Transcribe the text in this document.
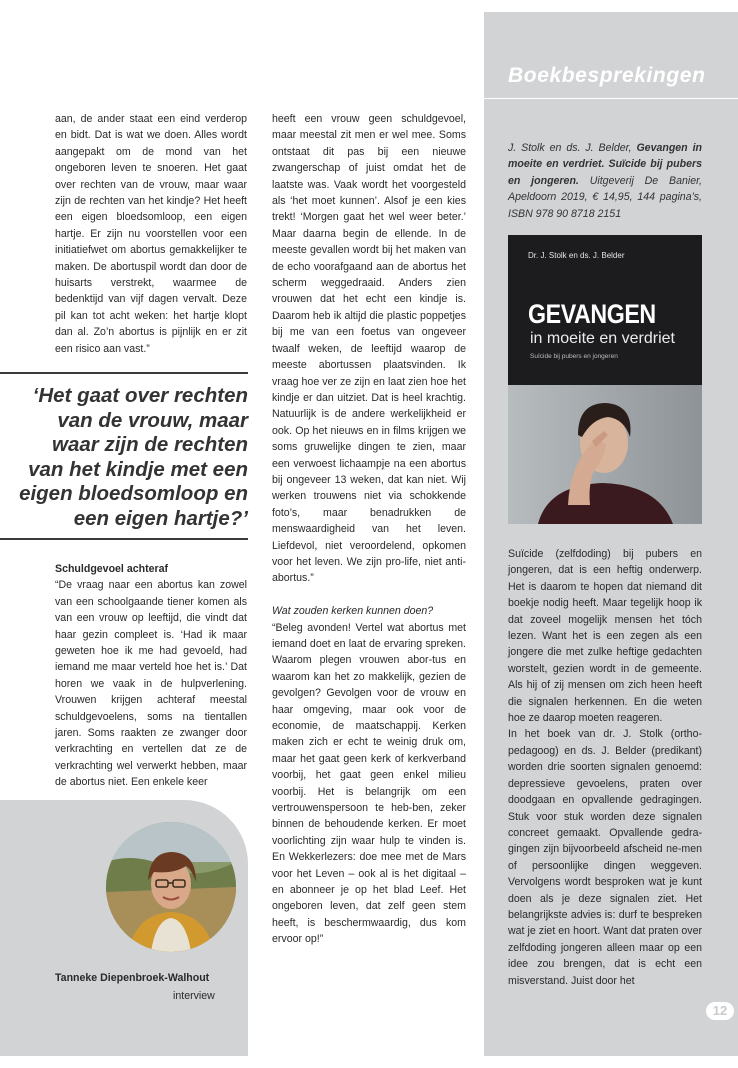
aan, de ander staat een eind verderop en bidt. Dat is wat we doen. Alles wordt aangepakt om de mond van het ongeboren leven te snoeren. Het gaat over rechten van de vrouw, maar waar zijn de rechten van het kindje? Het heeft een eigen bloedsomloop, een eigen hartje. Er zijn nu voorstellen voor een initiatiefwet om abortus gemakkelijker te maken. De abortuspil wordt dan door de huisarts verstrekt, waarmee de bedenktijd van vijf dagen vervalt. Deze pil kan tot acht weken: het hartje klopt dan al. Zo’n abortus is pijnlijk en er zit een risico aan vast.”

‘Het gaat over rechten van de vrouw, maar waar zijn de rechten van het kindje met een eigen bloedsomloop en een eigen hartje?’

Schuldgevoel achteraf

“De vraag naar een abortus kan zowel van een schoolgaande tiener komen als van een vrouw op leeftijd, die vindt dat haar gezin compleet is. ‘Had ik maar geweten hoe ik me had gevoeld, had iemand me maar verteld hoe het is.’ Dat horen we vaak in de hulpverlening. Vrouwen krijgen achteraf meestal schuldgevoelens, soms na tientallen jaren. Soms raakten ze zwanger door verkrachting en vertellen dat ze de verkrachting wel verwerkt hebben, maar de abortus niet. Een enkele keer

Tanneke Diepenbroek-Walhout
interview

heeft een vrouw geen schuldgevoel, maar meestal zit men er wel mee. Soms ontstaat dit pas bij een nieuwe zwangerschap of juist omdat het de laatste was. Vaak wordt het voorgesteld als ‘het moet kunnen’. Alsof je een kies trekt! ‘Morgen gaat het wel weer beter.’ Maar daarna begin de ellende. In de meeste gevallen wordt bij het maken van de echo voorafgaand aan de abortus het scherm weggedraaid. Anders zien vrouwen dat het echt een kindje is. Daarom heb ik altijd die plastic poppetjes bij me van een foetus van ongeveer twaalf weken, de leeftijd waarop de meeste abortussen plaatsvinden. Ik vraag hoe ver ze zijn en laat zien hoe het kindje er dan uitziet. Dat is heel krachtig. Natuurlijk is de andere werkelijkheid er ook. Op het nieuws en in films krijgen we soms gruwelijke dingen te zien, maar een verwoest lichaampje na een abortus bij ongeveer 13 weken, dat kan niet. Wij werken trouwens niet via schokkende foto’s, maar benadrukken de menswaardigheid van het leven. Liefdevol, niet veroordelend, opkomen voor het leven. We zijn pro-life, niet anti-abortus.”

Wat zouden kerken kunnen doen?

“Beleg avonden! Vertel wat abortus met iemand doet en laat de ervaring spreken. Waarom plegen vrouwen abor-tus en waarom kan het zo makkelijk, gezien de gevolgen? Gevolgen voor de vrouw en haar omgeving, maar ook voor de economie, de maatschappij. Kerken maken zich er echt te weinig druk om, maar het gaat geen kerk of kerkverband voorbij, het gaat geen enkel milieu voorbij. Het is belangrijk om een vertrouwenspersoon te heb-ben, zeker binnen de behoudende kerken. Er moet voorlichting zijn waar hulp te vinden is. En Wekkerlezers: doe mee met de Mars voor het Leven – ook al is het digitaal – en abonneer je op het blad Leef. Het ongeboren leven, dat zelf geen stem heeft, is beschermwaardig, dus kom ervoor op!”

Boekbesprekingen
J. Stolk en ds. J. Belder, Gevangen in moeite en verdriet. Suïcide bij pubers en jongeren. Uitgeverij De Banier, Apeldoorn 2019, € 14,95, 144 pagina’s, ISBN 978 90 8718 2151
Dr. J. Stolk en ds. J. Belder
GEVANGEN
in moeite en verdriet
Suïcide bij pubers en jongeren

Suïcide (zelfdoding) bij pubers en jongeren, dat is een heftig onderwerp. Het is daarom te hopen dat niemand dit boekje nodig heeft. Maar tegelijk hoop ik dat zoveel mogelijk mensen het tóch lezen. Want het is een zegen als een jongere die met zulke heftige gedachten worstelt, gezien wordt in de gemeente. Als hij of zij mensen om zich heen heeft die signalen herkennen. En die weten hoe ze daarop moeten reageren.

In het boek van dr. J. Stolk (ortho-pedagoog) en ds. J. Belder (predikant) worden drie soorten signalen genoemd: depressieve gevoelens, praten over doodgaan en opvallende gedragingen. Stuk voor stuk worden deze signalen concreet gemaakt. Opvallende gedra-gingen zijn bijvoorbeeld afscheid ne-men of persoonlijke dingen weggeven. Vervolgens wordt besproken wat je kunt doen als je deze signalen ziet. Het belangrijkste advies is: durf te bespreken wat je ziet en hoort. Want dat praten over zelfdoding jongeren alleen maar op een idee zou brengen, dat is echt een misverstand. Juist door het

12
